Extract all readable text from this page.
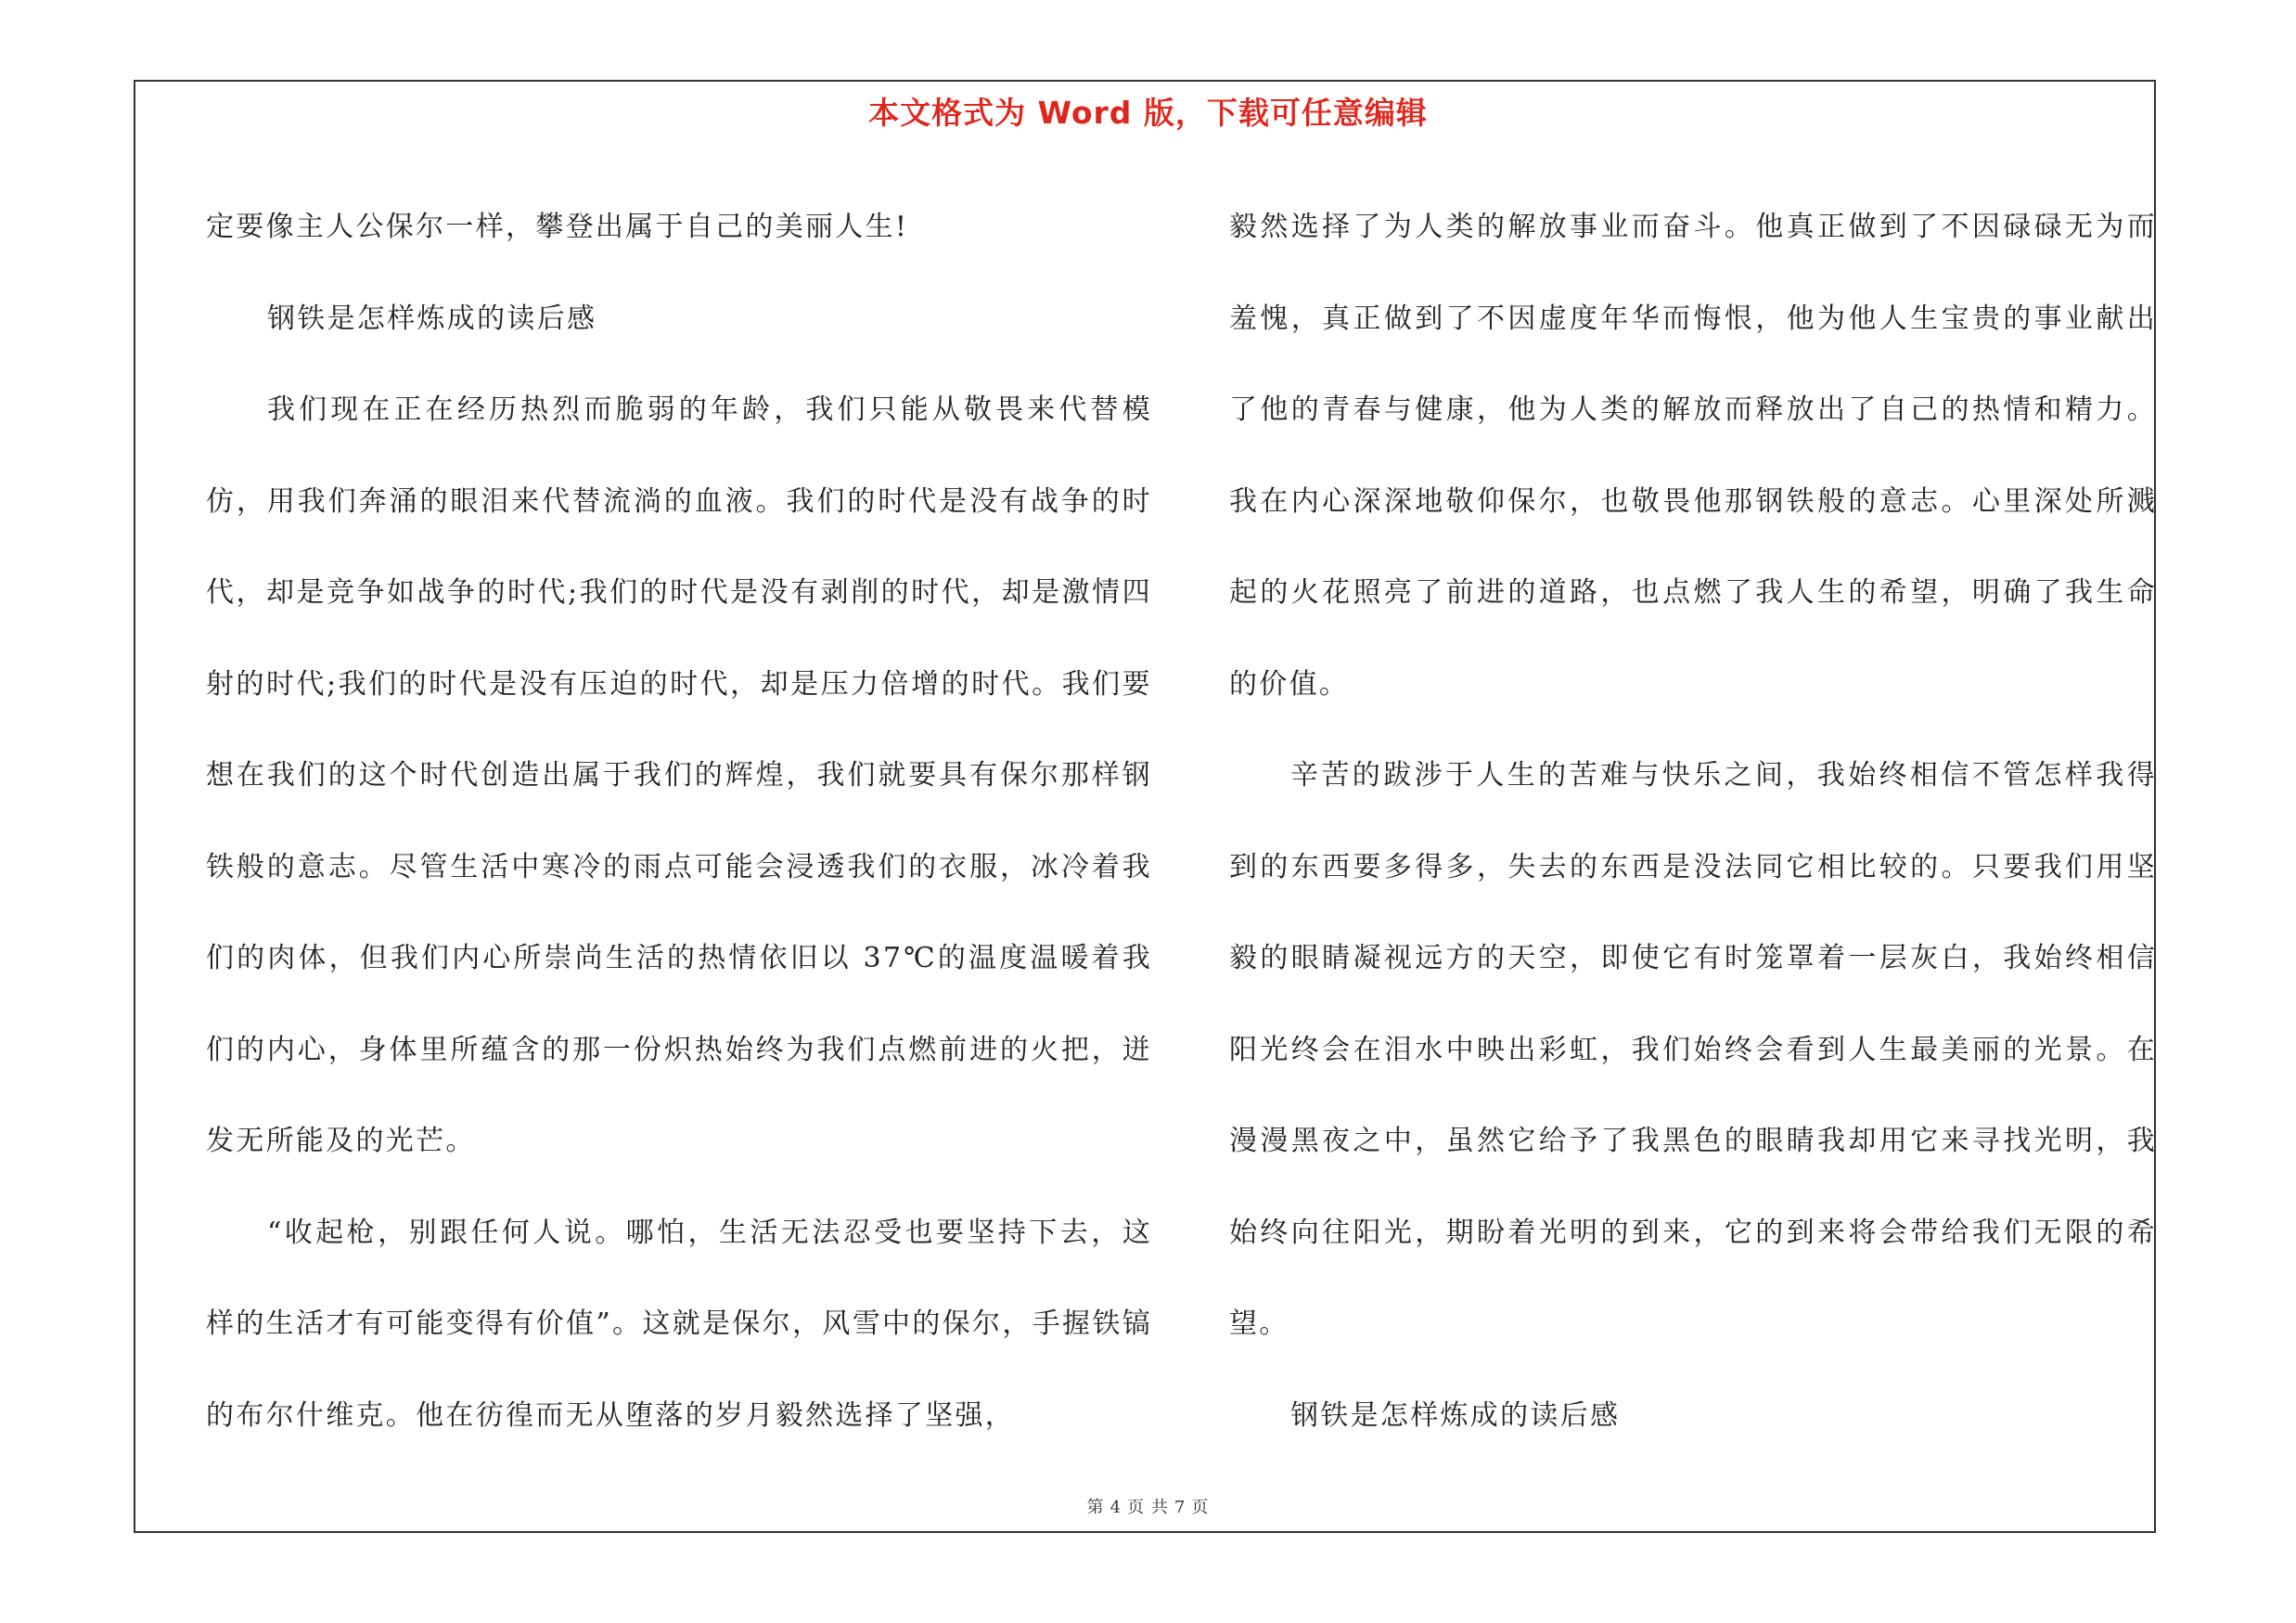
本文格式为 Word 版，下载可任意编辑

定要像主人公保尔一样，攀登出属于自己的美丽人生!

钢铁是怎样炼成的读后感

我们现在正在经历热烈而脆弱的年龄，我们只能从敬畏来代替模仿，用我们奔涌的眼泪来代替流淌的血液。我们的时代是没有战争的时代，却是竞争如战争的时代;我们的时代是没有剥削的时代，却是激情四射的时代;我们的时代是没有压迫的时代，却是压力倍增的时代。我们要想在我们的这个时代创造出属于我们的辉煌，我们就要具有保尔那样钢铁般的意志。尽管生活中寒冷的雨点可能会浸透我们的衣服，冰冷着我们的肉体，但我们内心所崇尚生活的热情依旧以 37℃的温度温暖着我们的内心，身体里所蕴含的那一份炽热始终为我们点燃前进的火把，迸发无所能及的光芒。

“收起枪，别跟任何人说。哪怕，生活无法忍受也要坚持下去，这样的生活才有可能变得有价值”。这就是保尔，风雪中的保尔，手握铁镐的布尔什维克。他在彷徨而无从堕落的岁月毅然选择了坚强，

毅然选择了为人类的解放事业而奋斗。他真正做到了不因碌碌无为而羞愧，真正做到了不因虚度年华而悔恨，他为他人生宝贵的事业献出了他的青春与健康，他为人类的解放而释放出了自己的热情和精力。我在内心深深地敬仰保尔，也敬畏他那钢铁般的意志。心里深处所溅起的火花照亮了前进的道路，也点燃了我人生的希望，明确了我生命的价值。

辛苦的跋涉于人生的苦难与快乐之间，我始终相信不管怎样我得到的东西要多得多，失去的东西是没法同它相比较的。只要我们用坚毅的眼睛凝视远方的天空，即使它有时笼罩着一层灰白，我始终相信阳光终会在泪水中映出彩虹，我们始终会看到人生最美丽的光景。在漫漫黑夜之中，虽然它给予了我黑色的眼睛我却用它来寻找光明，我始终向往阳光，期盼着光明的到来，它的到来将会带给我们无限的希望。

钢铁是怎样炼成的读后感

第 4 页 共 7 页
